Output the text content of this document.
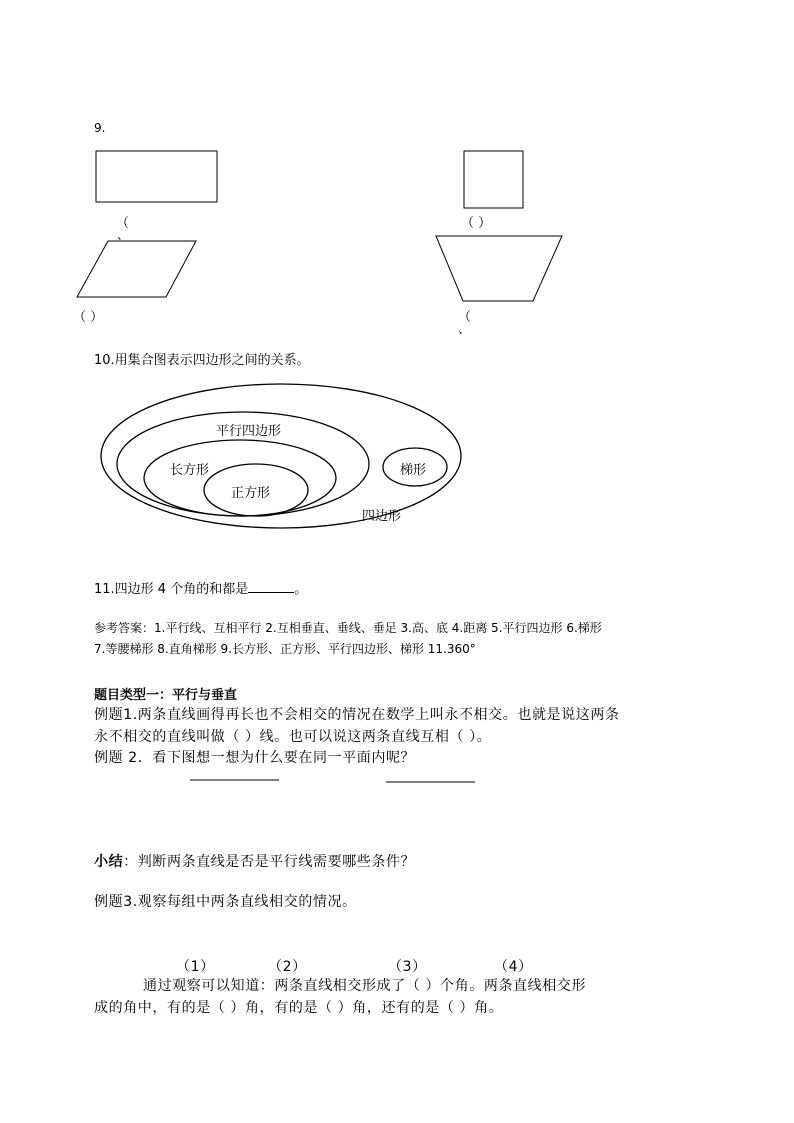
9.
（
、
（ ）
（ ）	（
、
10.用集合图表示四边形之间的关系。
平行四边形
长方形
正方形
梯形
四边形
11.四边形 4 个角的和都是	。
参考答案：1.平行线、互相平行 2.互相垂直、垂线、垂足 3.高、底 4.距离 5.平行四边形 6.梯形
7.等腰梯形 8.直角梯形 9.长方形、正方形、平行四边形、梯形 11.360°
题目类型一：平行与垂直
例题1.两条直线画得再长也不会相交的情况在数学上叫永不相交。也就是说这两条
永不相交的直线叫做（ ）线。也可以说这两条直线互相（ ）。
例题 2．看下图想一想为什么要在同一平面内呢？
小结：判断两条直线是否是平行线需要哪些条件？
例题3.观察每组中两条直线相交的情况。
（1）	（2）	（3）	（4）
通过观察可以知道：两条直线相交形成了（ ）个角。两条直线相交形
成的角中，有的是（ ）角，有的是（ ）角，还有的是（ ）角。
